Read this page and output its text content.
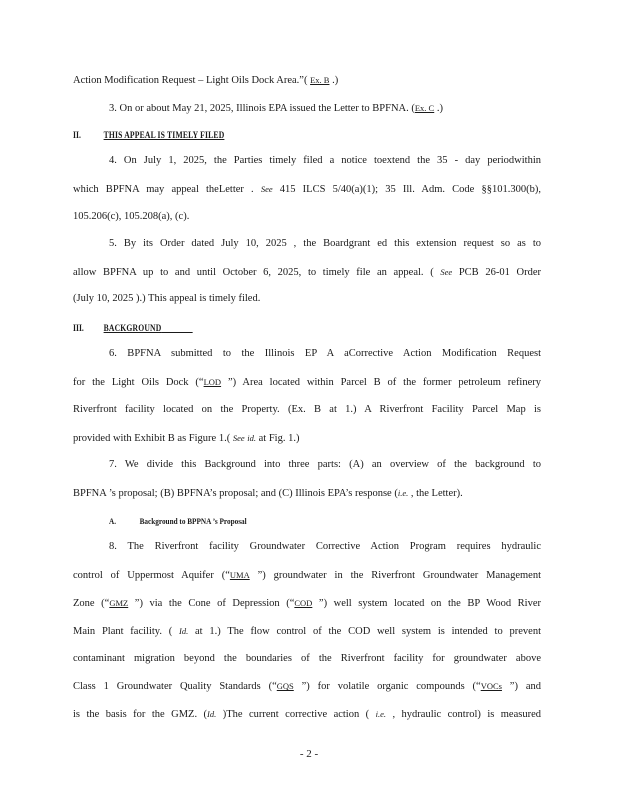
Action Modification Request – Light Oils Dock Area.”( Ex. B .)
3. On or about May 21, 2025, Illinois EPA issued the Letter to BPFNA. (Ex. C .)
II.	THIS APPEAL IS TIMELY FILED
4. On July 1, 2025, the Parties timely filed a notice toextend the 35 - day periodwithin
which BPFNA may appeal theLetter . See 415 ILCS 5/40(a)(1); 35 Ill. Adm. Code §§101.300(b),
105.206(c), 105.208(a), (c).
5. By its Order dated July 10, 2025 , the Boardgrant ed this extension request so as to
allow BPFNA up to and until October 6, 2025, to timely file an appeal. ( See PCB 26-01 Order
(July 10, 2025 ).) This appeal is timely filed.
III. BACKGROUND
6. BPFNA submitted to the Illinois EP A aCorrective Action Modification Request
for the Light Oils Dock (“LOD ”) Area located within Parcel B of the former petroleum refinery
Riverfront facility located on the Property. (Ex. B at 1.) A Riverfront Facility Parcel Map is
provided with Exhibit B as Figure 1.( See id. at Fig. 1.)
7. We divide this Background into three parts: (A) an overview of the background to
BPFNA ’s proposal; (B) BPFNA’s proposal; and (C) Illinois EPA’s response (i.e. , the Letter).
A.	Background to BPPNA ’s Proposal
8. The Riverfront facility Groundwater Corrective Action Program requires hydraulic
control of Uppermost Aquifer (“UMA ”) groundwater in the Riverfront Groundwater Management
Zone (“GMZ ”) via the Cone of Depression (“COD ”) well system located on the BP Wood River
Main Plant facility. ( Id. at 1.) The flow control of the COD well system is intended to prevent
contaminant migration beyond the boundaries of the Riverfront facility for groundwater above
Class 1 Groundwater Quality Standards (“GQS ”) for volatile organic compounds (“VOCs ”) and
is the basis for the GMZ. (Id. )The current corrective action ( i.e. , hydraulic control) is measured
- 2 -
